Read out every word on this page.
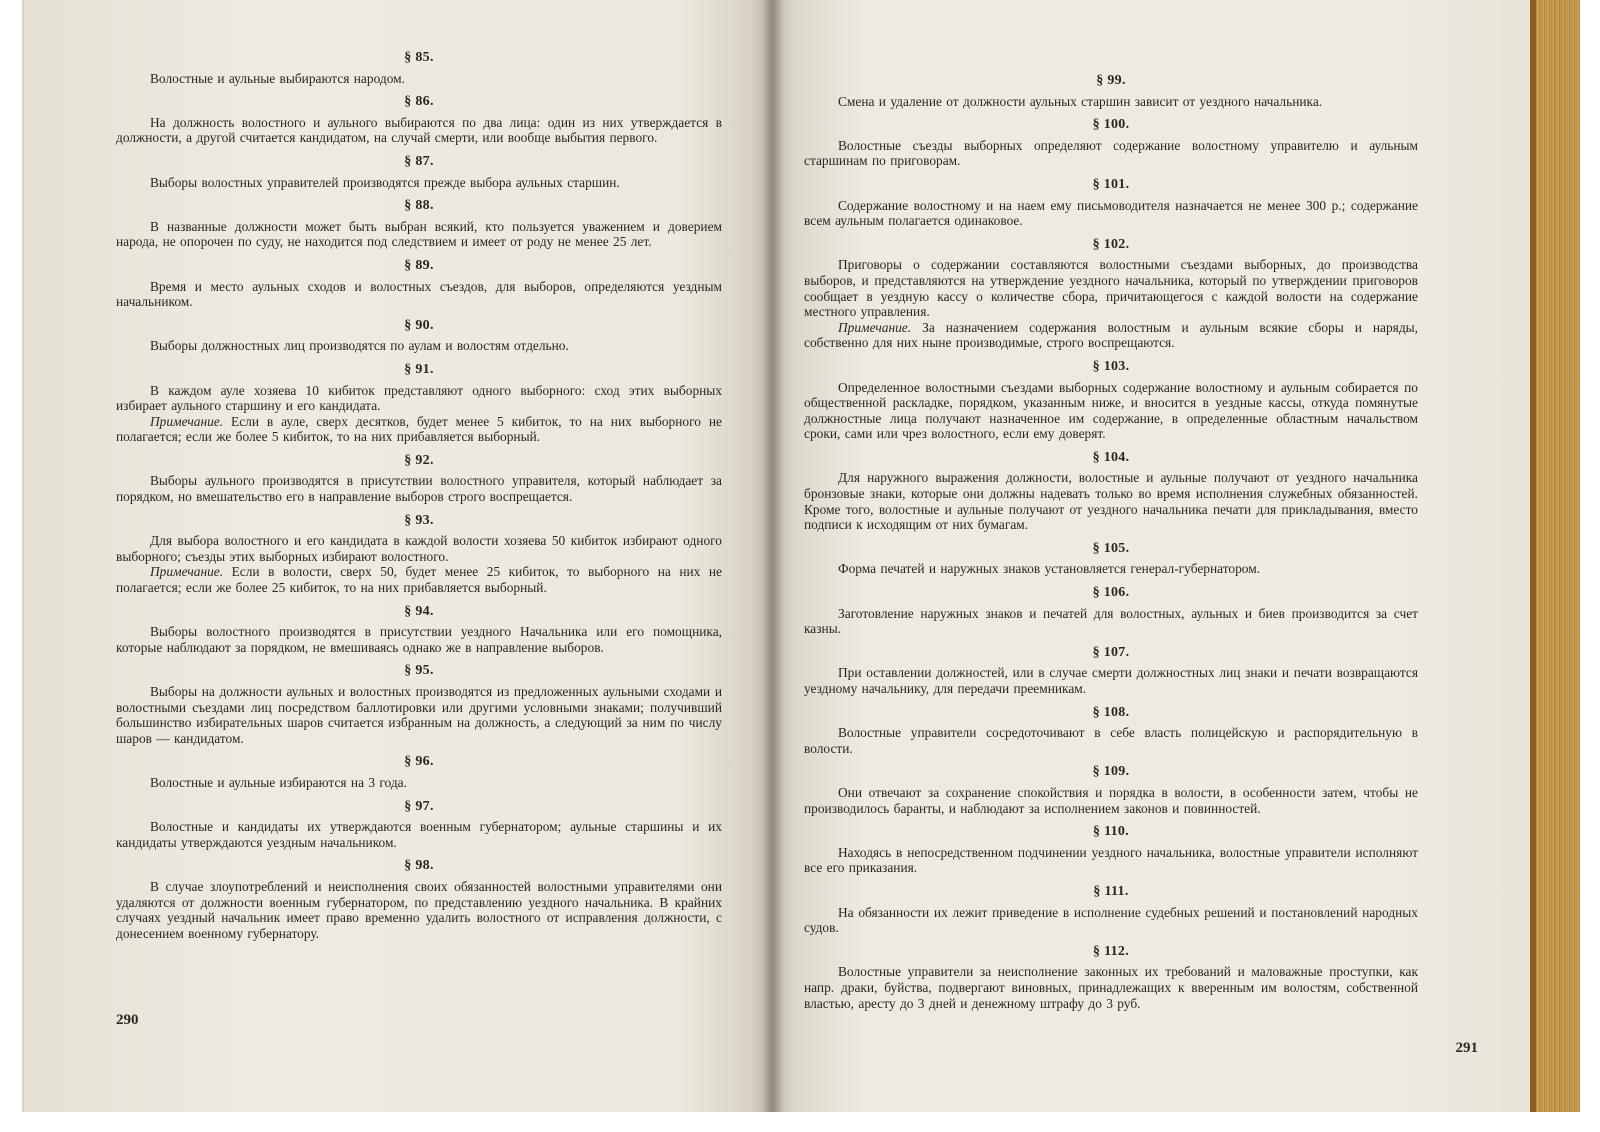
§ 85.
Волостные и аульные выбираются народом.
§ 86.
На должность волостного и аульного выбираются по два лица: один из них утверждается в должности, а другой считается кандидатом, на случай смерти, или вообще выбытия первого.
§ 87.
Выборы волостных управителей производятся прежде выбора аульных старшин.
§ 88.
В названные должности может быть выбран всякий, кто пользуется уважением и доверием народа, не опорочен по суду, не находится под следствием и имеет от роду не менее 25 лет.
§ 89.
Время и место аульных сходов и волостных съездов, для выборов, определяются уездным начальником.
§ 90.
Выборы должностных лиц производятся по аулам и волостям отдельно.
§ 91.
В каждом ауле хозяева 10 кибиток представляют одного выборного: сход этих выборных избирает аульного старшину и его кандидата.
Примечание. Если в ауле, сверх десятков, будет менее 5 кибиток, то на них выборного не полагается; если же более 5 кибиток, то на них прибавляется выборный.
§ 92.
Выборы аульного производятся в присутствии волостного управителя, который наблюдает за порядком, но вмешательство его в направление выборов строго воспрещается.
§ 93.
Для выбора волостного и его кандидата в каждой волости хозяева 50 кибиток избирают одного выборного; съезды этих выборных избирают волостного.
Примечание. Если в волости, сверх 50, будет менее 25 кибиток, то выборного на них не полагается; если же более 25 кибиток, то на них прибавляется выборный.
§ 94.
Выборы волостного производятся в присутствии уездного Начальника или его помощника, которые наблюдают за порядком, не вмешиваясь однако же в направление выборов.
§ 95.
Выборы на должности аульных и волостных производятся из предложенных аульными сходами и волостными съездами лиц посредством баллотировки или другими условными знаками; получивший большинство избирательных шаров считается избранным на должность, а следующий за ним по числу шаров — кандидатом.
§ 96.
Волостные и аульные избираются на 3 года.
§ 97.
Волостные и кандидаты их утверждаются военным губернатором; аульные старшины и их кандидаты утверждаются уездным начальником.
§ 98.
В случае злоупотреблений и неисполнения своих обязанностей волостными управителями они удаляются от должности военным губернатором, по представлению уездного начальника. В крайних случаях уездный начальник имеет право временно удалить волостного от исправления должности, с донесением военному губернатору.
290
§ 99.
Смена и удаление от должности аульных старшин зависит от уездного начальника.
§ 100.
Волостные съезды выборных определяют содержание волостному управителю и аульным старшинам по приговорам.
§ 101.
Содержание волостному и на наем ему письмоводителя назначается не менее 300 р.; содержание всем аульным полагается одинаковое.
§ 102.
Приговоры о содержании составляются волостными съездами выборных, до производства выборов, и представляются на утверждение уездного начальника, который по утверждении приговоров сообщает в уездную кассу о количестве сбора, причитающегося с каждой волости на содержание местного управления.
Примечание. За назначением содержания волостным и аульным всякие сборы и наряды, собственно для них ныне производимые, строго воспрещаются.
§ 103.
Определенное волостными съездами выборных содержание волостному и аульным собирается по общественной раскладке, порядком, указанным ниже, и вносится в уездные кассы, откуда помянутые должностные лица получают назначенное им содержание, в определенные областным начальством сроки, сами или чрез волостного, если ему доверят.
§ 104.
Для наружного выражения должности, волостные и аульные получают от уездного начальника бронзовые знаки, которые они должны надевать только во время исполнения служебных обязанностей. Кроме того, волостные и аульные получают от уездного начальника печати для прикладывания, вместо подписи к исходящим от них бумагам.
§ 105.
Форма печатей и наружных знаков установляется генерал-губернатором.
§ 106.
Заготовление наружных знаков и печатей для волостных, аульных и биев производится за счет казны.
§ 107.
При оставлении должностей, или в случае смерти должностных лиц знаки и печати возвращаются уездному начальнику, для передачи преемникам.
§ 108.
Волостные управители сосредоточивают в себе власть полицейскую и распорядительную в волости.
§ 109.
Они отвечают за сохранение спокойствия и порядка в волости, в особенности затем, чтобы не производилось баранты, и наблюдают за исполнением законов и повинностей.
§ 110.
Находясь в непосредственном подчинении уездного начальника, волостные управители исполняют все его приказания.
§ 111.
На обязанности их лежит приведение в исполнение судебных решений и постановлений народных судов.
§ 112.
Волостные управители за неисполнение законных их требований и маловажные проступки, как напр. драки, буйства, подвергают виновных, принадлежащих к вверенным им волостям, собственной властью, аресту до 3 дней и денежному штрафу до 3 руб.
291
